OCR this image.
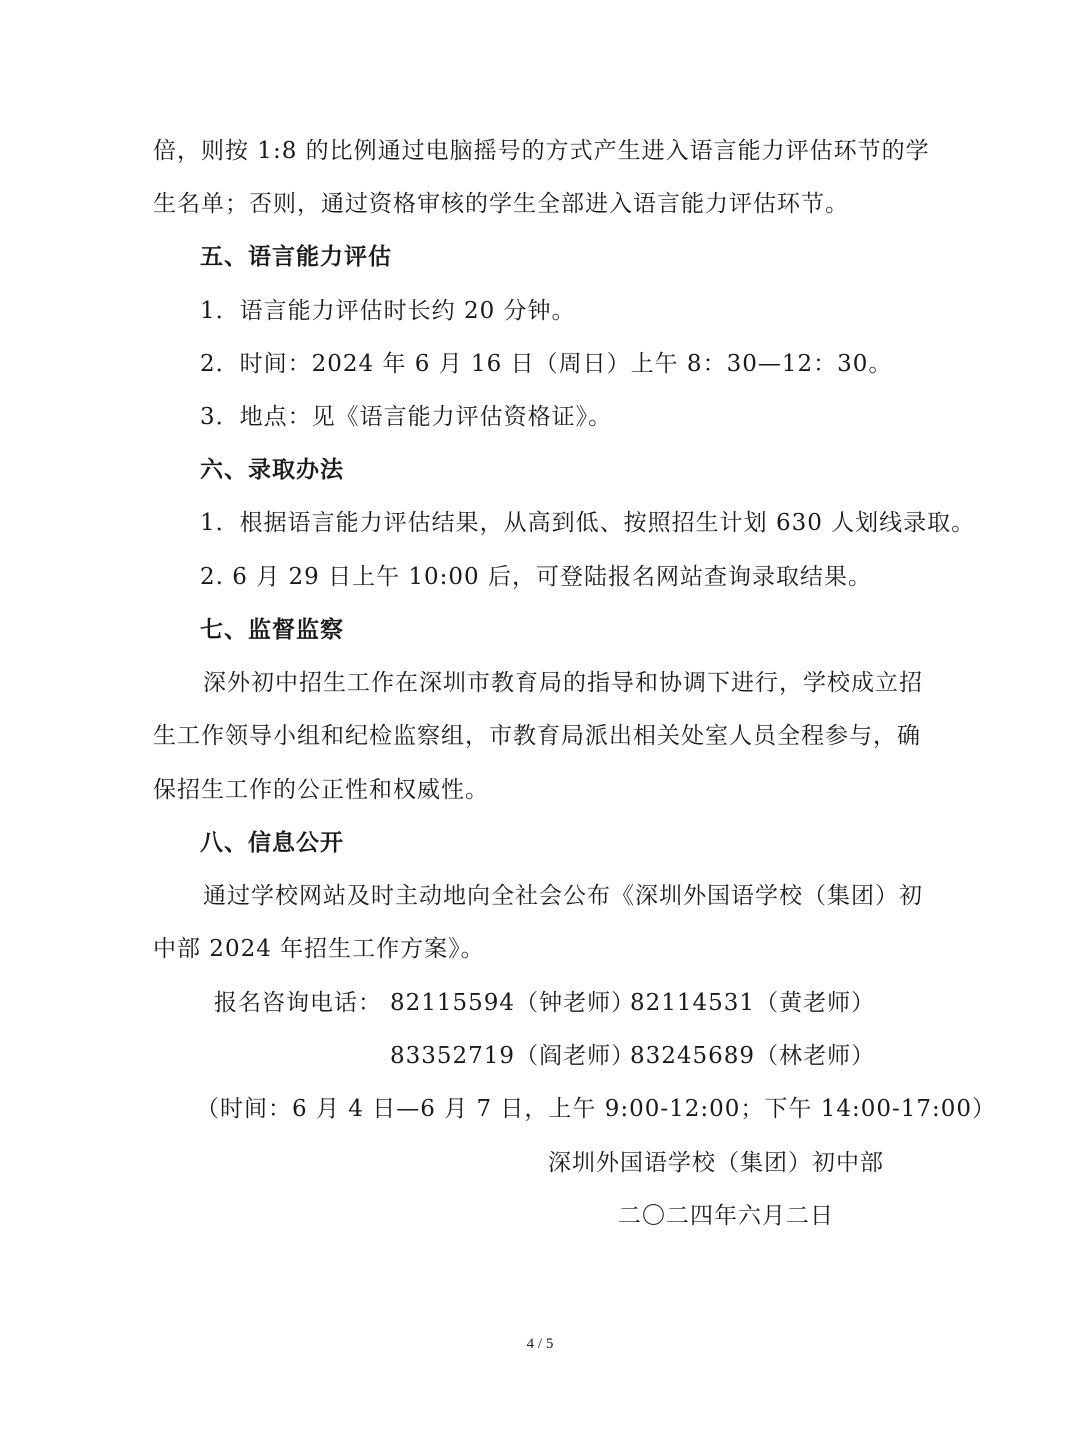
倍，则按 1:8 的比例通过电脑摇号的方式产生进入语言能力评估环节的学
生名单；否则，通过资格审核的学生全部进入语言能力评估环节。
五、语言能力评估
1．语言能力评估时长约 20 分钟。
2．时间：2024 年 6 月 16 日（周日）上午 8：30—12：30。
3．地点：见《语言能力评估资格证》。
六、录取办法
1．根据语言能力评估结果，从高到低、按照招生计划 630 人划线录取。
2. 6 月 29 日上午 10:00 后，可登陆报名网站查询录取结果。
七、监督监察
深外初中招生工作在深圳市教育局的指导和协调下进行，学校成立招
生工作领导小组和纪检监察组，市教育局派出相关处室人员全程参与，确
保招生工作的公正性和权威性。
八、信息公开
通过学校网站及时主动地向全社会公布《深圳外国语学校（集团）初
中部 2024 年招生工作方案》。
报名咨询电话： 82115594（钟老师）
82114531（黄老师）
83352719（阎老师）
83245689（林老师）
（时间：6 月 4 日—6 月 7 日，上午 9:00-12:00；下午 14:00-17:00）
深圳外国语学校（集团）初中部
二〇二四年六月二日
4 / 5
